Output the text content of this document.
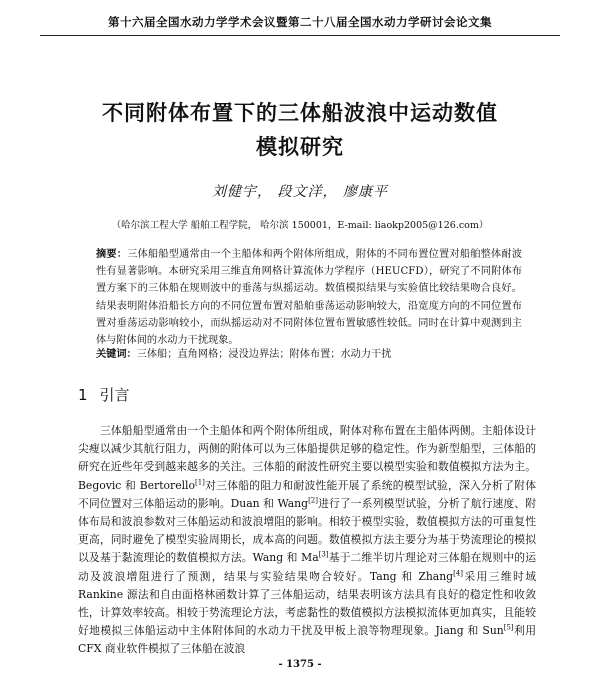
第十六届全国水动力学学术会议暨第二十八届全国水动力学研讨会论文集
不同附体布置下的三体船波浪中运动数值
模拟研究
刘健宇， 段文洋， 廖康平
（哈尔滨工程大学 船舶工程学院， 哈尔滨 150001，E-mail: liaokp2005@126.com）
摘要：三体船船型通常由一个主船体和两个附体所组成，附体的不同布置位置对船舶整体耐波性有显著影响。本研究采用三维直角网格计算流体力学程序（HEUCFD），研究了不同附体布置方案下的三体船在规则波中的垂荡与纵摇运动。数值模拟结果与实验值比较结果吻合良好。结果表明附体沿船长方向的不同位置布置对船舶垂荡运动影响较大，沿宽度方向的不同位置布置对垂荡运动影响较小，而纵摇运动对不同附体位置布置敏感性较低。同时在计算中观测到主体与附体间的水动力干扰现象。
关键词：三体船；直角网格；浸没边界法；附体布置；水动力干扰
1 引言
三体船船型通常由一个主船体和两个附体所组成，附体对称布置在主船体两侧。主船体设计尖瘦以减少其航行阻力，两侧的附体可以为三体船提供足够的稳定性。作为新型船型，三体船的研究在近些年受到越来越多的关注。三体船的耐波性研究主要以模型实验和数值模拟方法为主。Begovic 和 Bertorello[1]对三体船的阻力和耐波性能开展了系统的模型试验，深入分析了附体不同位置对三体船运动的影响。Duan 和 Wang[2]进行了一系列模型试验，分析了航行速度、附体布局和波浪参数对三体船运动和波浪增阻的影响。相较于模型实验，数值模拟方法的可重复性更高，同时避免了模型实验周期长，成本高的问题。数值模拟方法主要分为基于势流理论的模拟以及基于黏流理论的数值模拟方法。Wang 和 Ma[3]基于二维半切片理论对三体船在规则中的运动及波浪增阻进行了预测，结果与实验结果吻合较好。Tang 和 Zhang[4]采用三维时域 Rankine 源法和自由面格林函数计算了三体船运动，结果表明该方法具有良好的稳定性和收敛性，计算效率较高。相较于势流理论方法，考虑黏性的数值模拟方法模拟流体更加真实，且能较好地模拟三体船运动中主体附体间的水动力干扰及甲板上浪等物理现象。Jiang 和 Sun[5]利用 CFX 商业软件模拟了三体船在波浪
- 1375 -
